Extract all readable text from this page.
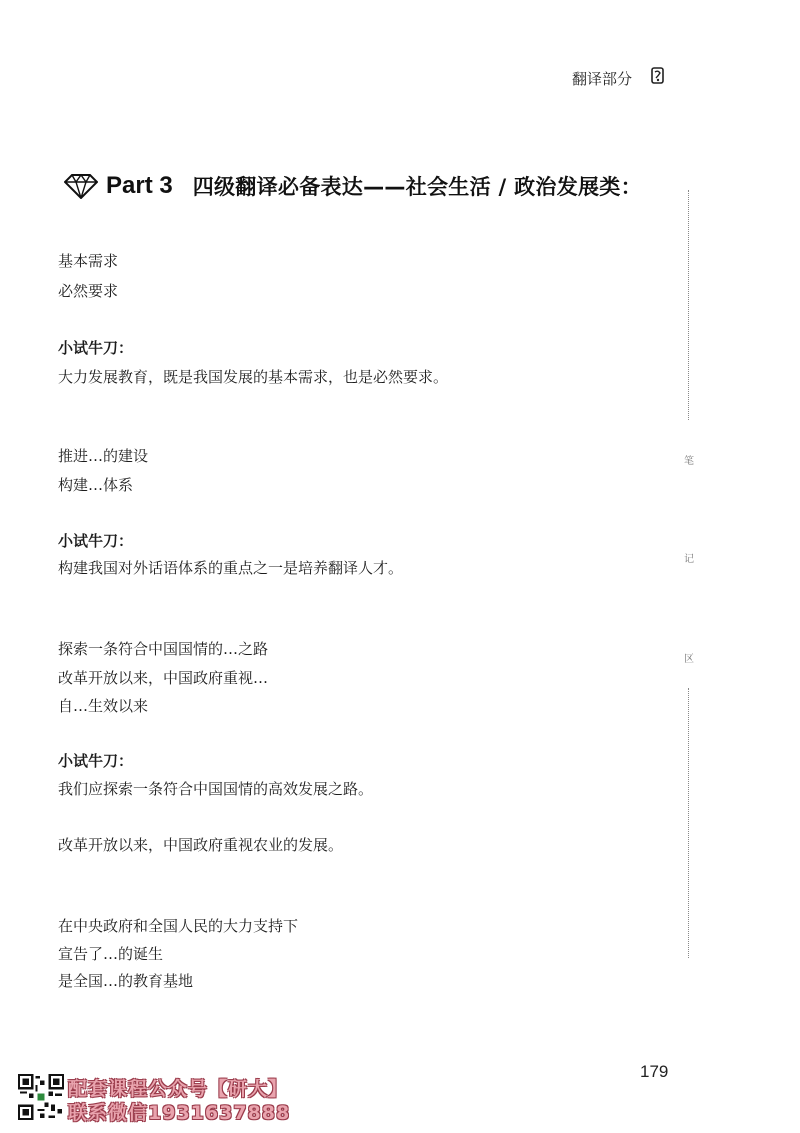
翻译部分
Part 3 四级翻译必备表达——社会生活 / 政治发展类：
基本需求
必然要求
小试牛刀：
大力发展教育，既是我国发展的基本需求，也是必然要求。
推进…的建设
构建…体系
小试牛刀：
构建我国对外话语体系的重点之一是培养翻译人才。
探索一条符合中国国情的…之路
改革开放以来，中国政府重视…
自…生效以来
小试牛刀：
我们应探索一条符合中国国情的高效发展之路。
改革开放以来，中国政府重视农业的发展。
在中央政府和全国人民的大力支持下
宣告了…的诞生
是全国…的教育基地
笔
记
区
179
配套课程公众号【研大】
联系微信1931637888
